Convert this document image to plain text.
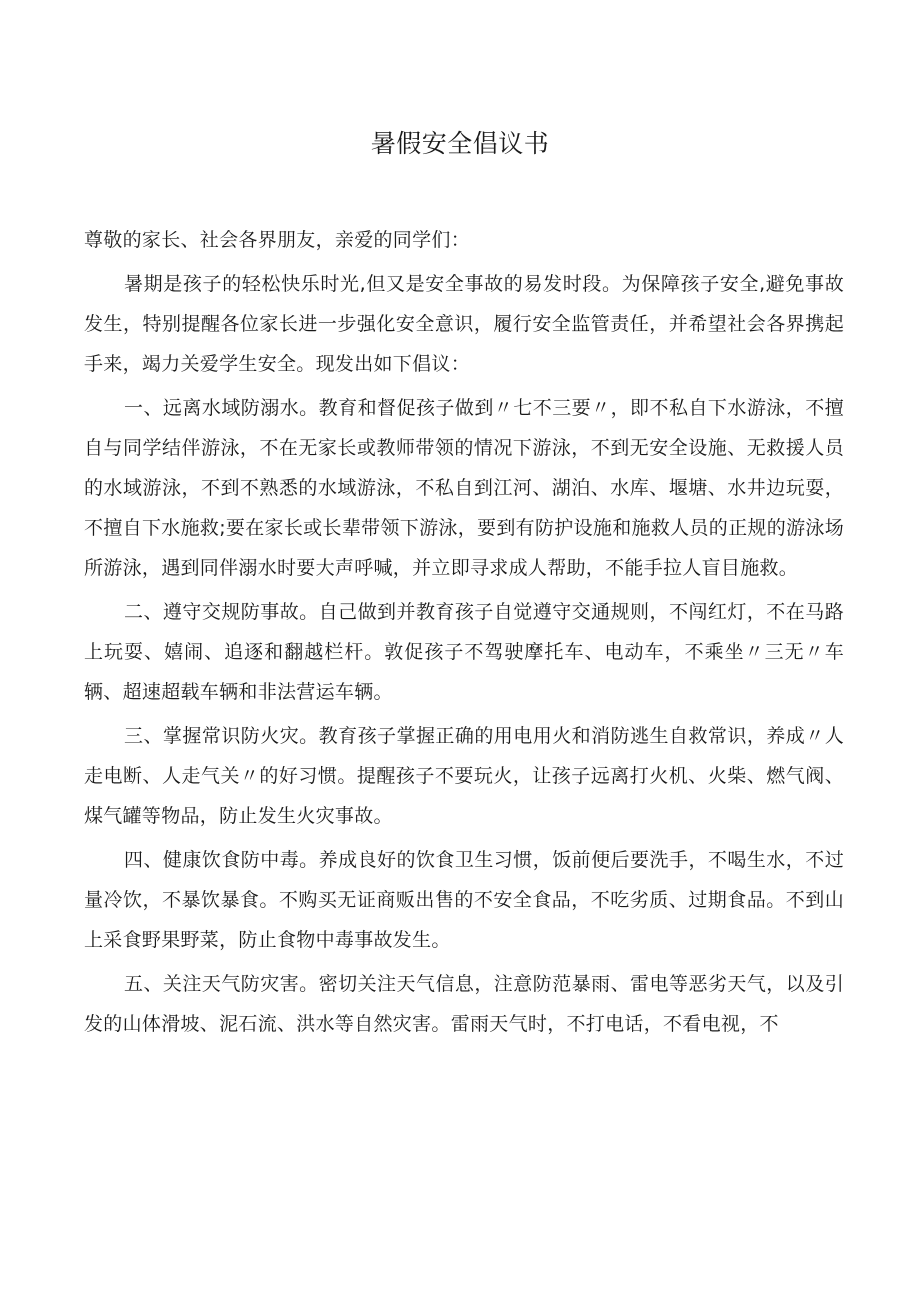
暑假安全倡议书

尊敬的家长、社会各界朋友，亲爱的同学们：

暑期是孩子的轻松快乐时光,但又是安全事故的易发时段。为保障孩子安全,避免事故发生，特别提醒各位家长进一步强化安全意识，履行安全监管责任，并希望社会各界携起手来，竭力关爱学生安全。现发出如下倡议：

一、远离水域防溺水。教育和督促孩子做到〃七不三要〃，即不私自下水游泳，不擅自与同学结伴游泳，不在无家长或教师带领的情况下游泳，不到无安全设施、无救援人员的水域游泳，不到不熟悉的水域游泳，不私自到江河、湖泊、水库、堰塘、水井边玩耍，不擅自下水施救;要在家长或长辈带领下游泳，要到有防护设施和施救人员的正规的游泳场所游泳，遇到同伴溺水时要大声呼喊，并立即寻求成人帮助，不能手拉人盲目施救。

二、遵守交规防事故。自己做到并教育孩子自觉遵守交通规则，不闯红灯，不在马路上玩耍、嬉闹、追逐和翻越栏杆。敦促孩子不驾驶摩托车、电动车，不乘坐〃三无〃车辆、超速超载车辆和非法营运车辆。

三、掌握常识防火灾。教育孩子掌握正确的用电用火和消防逃生自救常识，养成〃人走电断、人走气关〃的好习惯。提醒孩子不要玩火，让孩子远离打火机、火柴、燃气阀、煤气罐等物品，防止发生火灾事故。

四、健康饮食防中毒。养成良好的饮食卫生习惯，饭前便后要洗手，不喝生水，不过量冷饮，不暴饮暴食。不购买无证商贩出售的不安全食品，不吃劣质、过期食品。不到山上采食野果野菜，防止食物中毒事故发生。

五、关注天气防灾害。密切关注天气信息，注意防范暴雨、雷电等恶劣天气，以及引发的山体滑坡、泥石流、洪水等自然灾害。雷雨天气时，不打电话，不看电视，不
